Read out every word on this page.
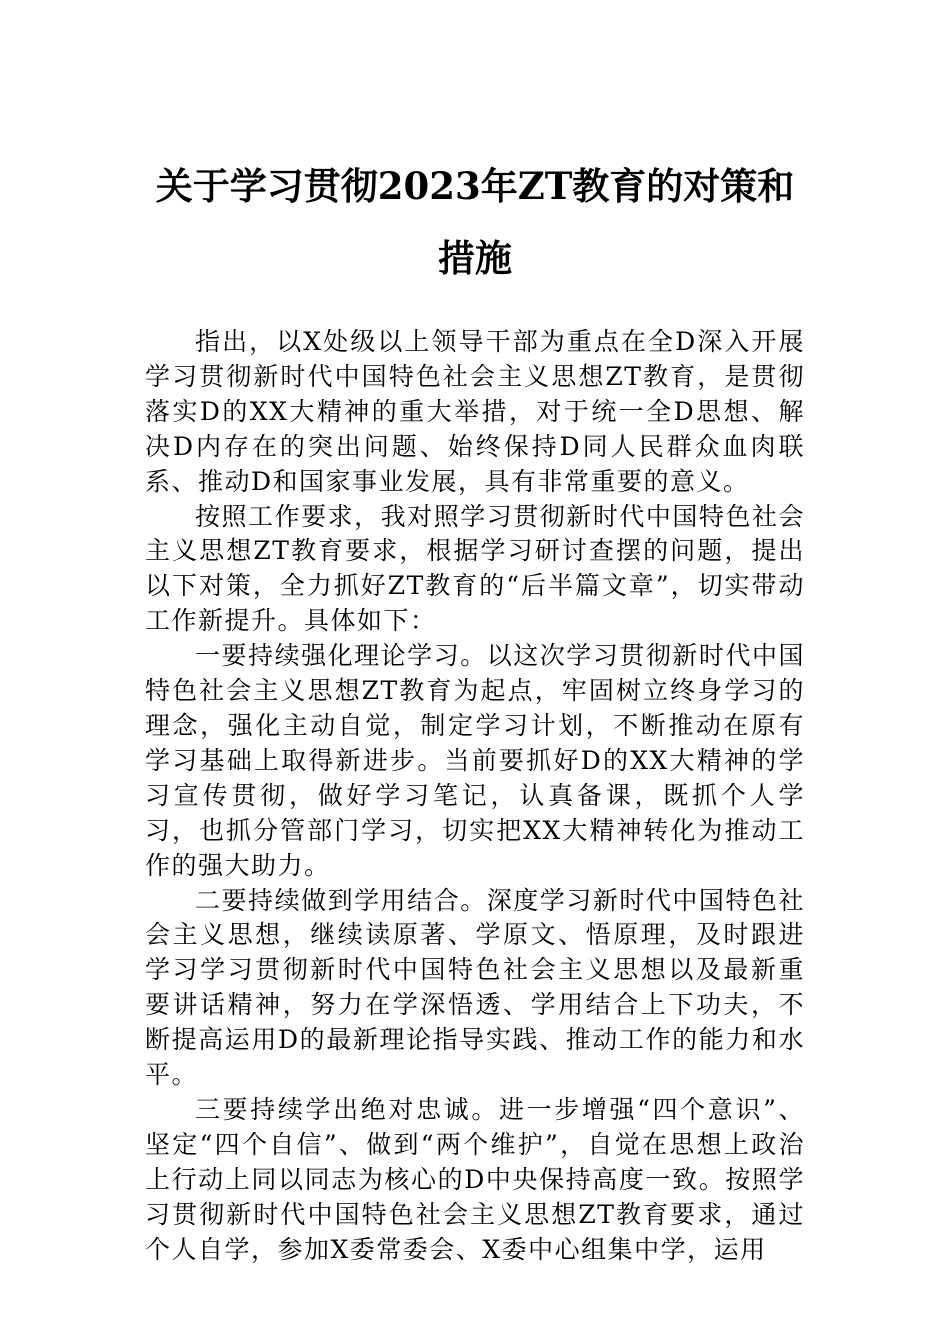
关于学习贯彻2023年ZT教育的对策和措施

指出，以X处级以上领导干部为重点在全D深入开展学习贯彻新时代中国特色社会主义思想ZT教育，是贯彻落实D的XX大精神的重大举措，对于统一全D思想、解决D内存在的突出问题、始终保持D同人民群众血肉联系、推动D和国家事业发展，具有非常重要的意义。

按照工作要求，我对照学习贯彻新时代中国特色社会主义思想ZT教育要求，根据学习研讨查摆的问题，提出以下对策，全力抓好ZT教育的“后半篇文章”，切实带动工作新提升。具体如下：

一要持续强化理论学习。以这次学习贯彻新时代中国特色社会主义思想ZT教育为起点，牢固树立终身学习的理念，强化主动自觉，制定学习计划，不断推动在原有学习基础上取得新进步。当前要抓好D的XX大精神的学习宣传贯彻，做好学习笔记，认真备课，既抓个人学习，也抓分管部门学习，切实把XX大精神转化为推动工作的强大助力。

二要持续做到学用结合。深度学习新时代中国特色社会主义思想，继续读原著、学原文、悟原理，及时跟进学习学习贯彻新时代中国特色社会主义思想以及最新重要讲话精神，努力在学深悟透、学用结合上下功夫，不断提高运用D的最新理论指导实践、推动工作的能力和水平。

三要持续学出绝对忠诚。进一步增强“四个意识”、坚定“四个自信”、做到“两个维护”，自觉在思想上政治上行动上同以同志为核心的D中央保持高度一致。按照学习贯彻新时代中国特色社会主义思想ZT教育要求，通过个人自学，参加X委常委会、X委中心组集中学，运用
